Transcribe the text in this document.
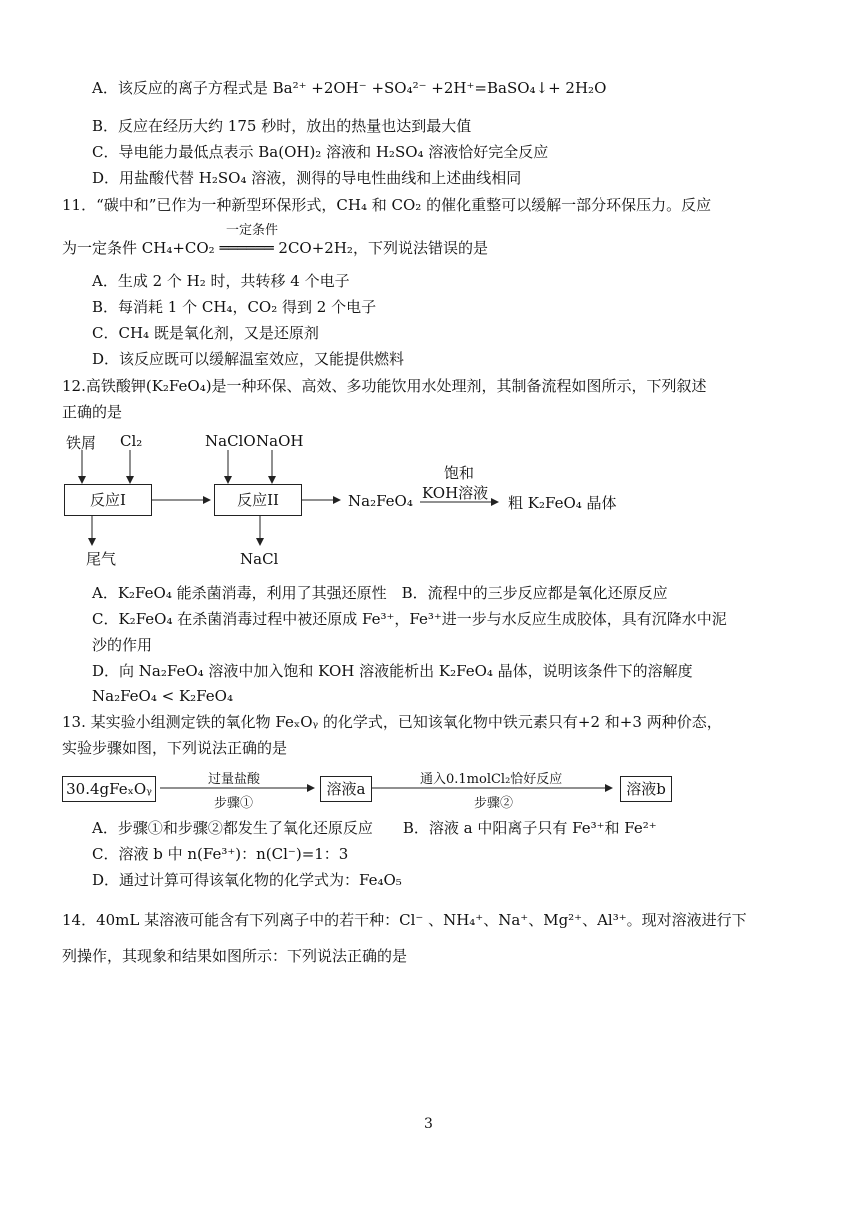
A．该反应的离子方程式是 Ba²⁺ +2OH⁻ +SO₄²⁻ +2H⁺=BaSO₄↓+ 2H₂O
B．反应在经历大约 175 秒时，放出的热量也达到最大值
C．导电能力最低点表示 Ba(OH)₂ 溶液和 H₂SO₄ 溶液恰好完全反应
D．用盐酸代替 H₂SO₄ 溶液，测得的导电性曲线和上述曲线相同
11．“碳中和”已作为一种新型环保形式，CH₄ 和 CO₂ 的催化重整可以缓解一部分环保压力。反应
一定条件
为一定条件 CH₄+CO₂ ══════ 2CO+2H₂，下列说法错误的是
A．生成 2 个 H₂ 时，共转移 4 个电子
B．每消耗 1 个 CH₄，CO₂ 得到 2 个电子
C．CH₄ 既是氧化剂，又是还原剂
D．该反应既可以缓解温室效应，又能提供燃料
12.高铁酸钾(K₂FeO₄)是一种环保、高效、多功能饮用水处理剂，其制备流程如图所示，下列叙述
正确的是
铁屑 Cl₂
反应I
尾气
NaClO NaOH
反应II
NaCl
Na₂FeO₄
饱和
KOH溶液
粗 K₂FeO₄ 晶体
A．K₂FeO₄ 能杀菌消毒，利用了其强还原性　B．流程中的三步反应都是氧化还原反应
C．K₂FeO₄ 在杀菌消毒过程中被还原成 Fe³⁺，Fe³⁺进一步与水反应生成胶体，具有沉降水中泥
沙的作用
D．向 Na₂FeO₄ 溶液中加入饱和 KOH 溶液能析出 K₂FeO₄ 晶体，说明该条件下的溶解度
Na₂FeO₄ < K₂FeO₄
13. 某实验小组测定铁的氧化物 FeₓOᵧ 的化学式，已知该氧化物中铁元素只有+2 和+3 两种价态，
实验步骤如图，下列说法正确的是
30.4gFeₓOᵧ
过量盐酸
步骤①
溶液a
通入0.1molCl₂恰好反应
步骤②
溶液b
A．步骤①和步骤②都发生了氧化还原反应　　B．溶液 a 中阳离子只有 Fe³⁺和 Fe²⁺
C．溶液 b 中 n(Fe³⁺)：n(Cl⁻)=1：3
D．通过计算可得该氧化物的化学式为：Fe₄O₅
14．40mL 某溶液可能含有下列离子中的若干种：Cl⁻ 、NH₄⁺、Na⁺、Mg²⁺、Al³⁺。现对溶液进行下
列操作，其现象和结果如图所示：下列说法正确的是
3
